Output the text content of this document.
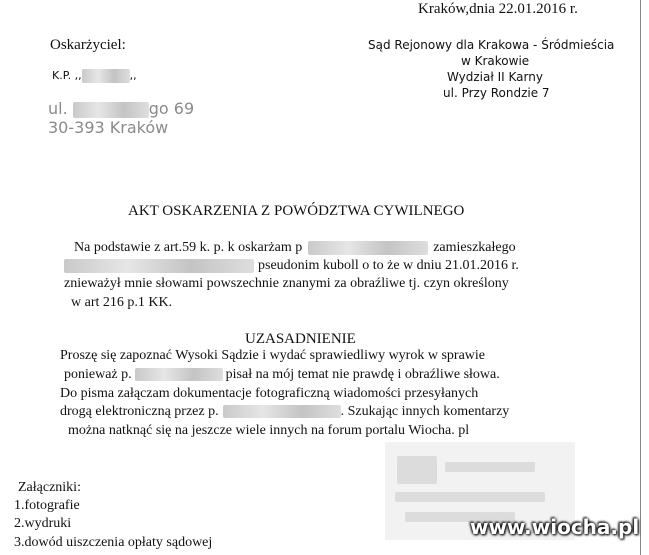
Kraków,dnia 22.01.2016 r.
Oskarżyciel:
K.P. ,,	,,
ul.	go 69
30-393 Kraków
Sąd Rejonowy dla Krakowa - Śródmieścia
w Krakowie
Wydział II Karny
ul. Przy Rondzie 7
AKT OSKARZENIA Z POWÓDZTWA CYWILNEGO
Na podstawie z art.59 k. p. k oskarżam p	zamieszkałego
pseudonim kuboll o to że w dniu 21.01.2016 r.
znieważył mnie słowami powszechnie znanymi za obraźliwe tj. czyn określony
w art 216 p.1 KK.
UZASADNIENIE
Proszę się zapoznać Wysoki Sądzie i wydać sprawiedliwy wyrok w sprawie
ponieważ p.	pisał na mój temat nie prawdę i obraźliwe słowa.
Do pisma załączam dokumentacje fotograficzną wiadomości przesyłanych
drogą elektroniczną przez p.	. Szukając innych komentarzy
można natknąć się na jeszcze wiele innych na forum portalu Wiocha. pl
Załączniki:
1.fotografie
2.wydruki
3.dowód uiszczenia opłaty sądowej
www.wiocha.pl
